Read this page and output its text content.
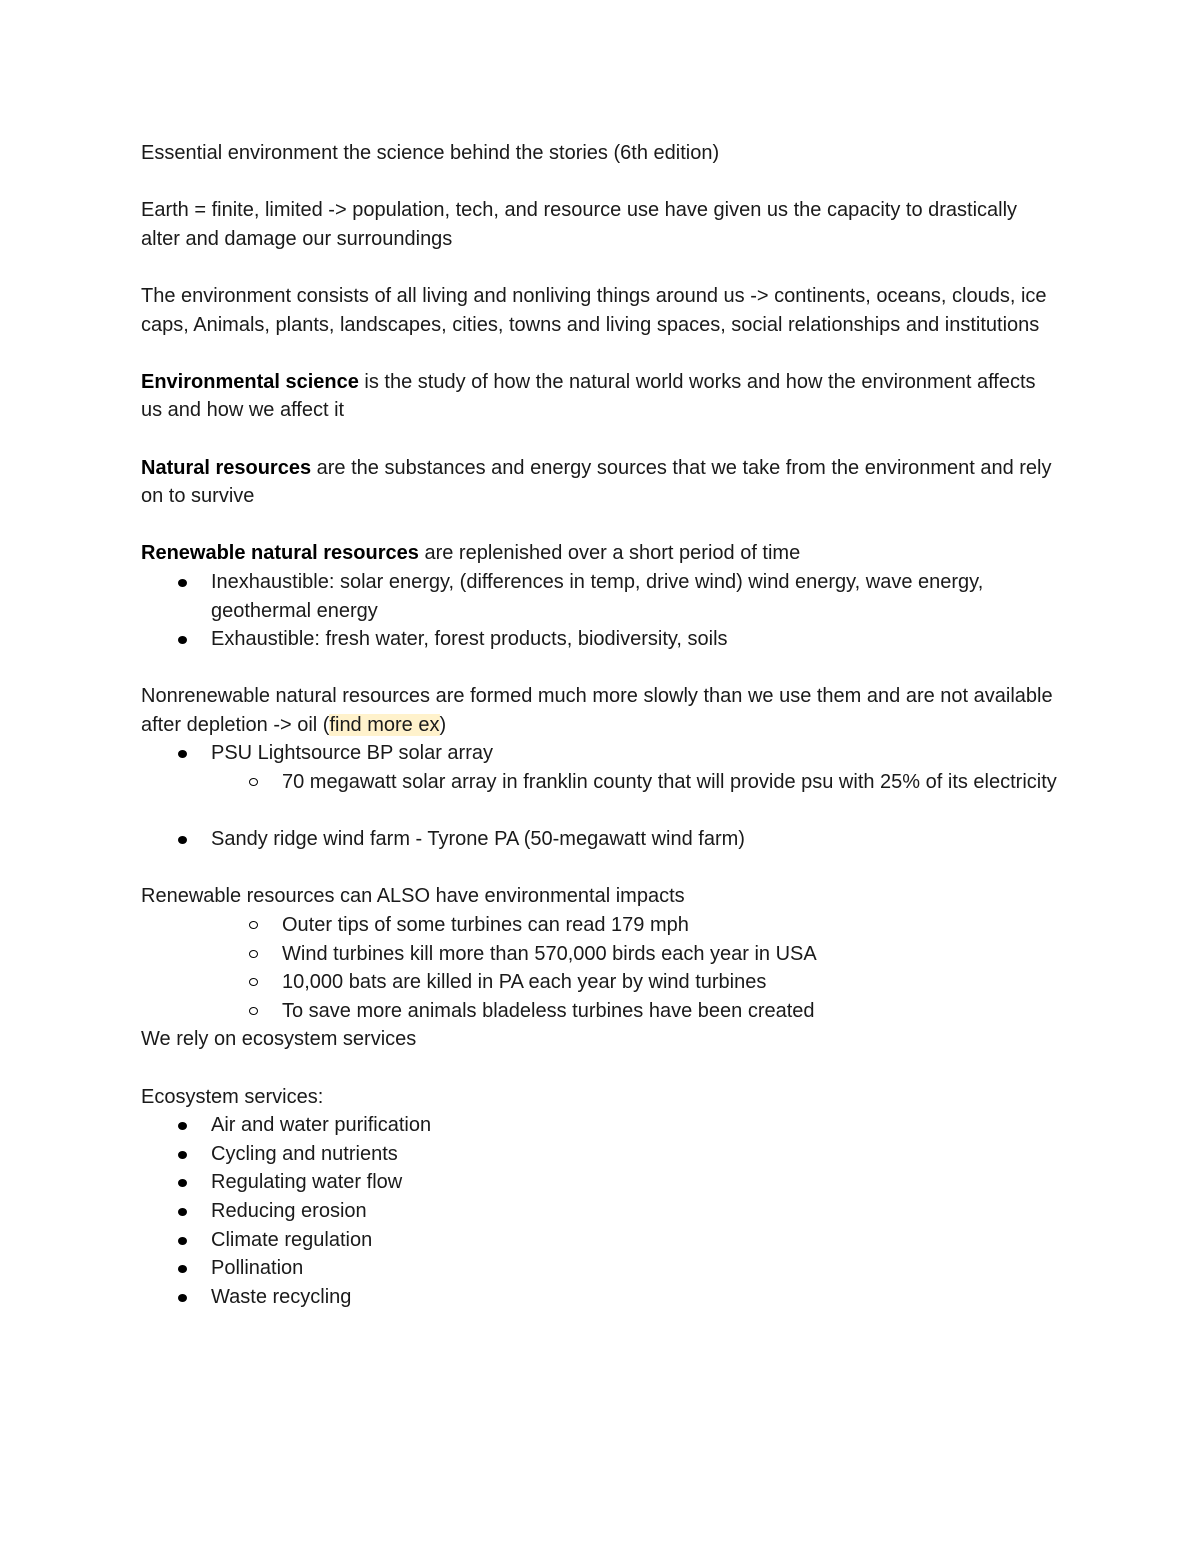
Essential environment the science behind the stories (6th edition)

Earth = finite, limited -> population, tech, and resource use have given us the capacity to drastically alter and damage our surroundings

The environment consists of all living and nonliving things around us -> continents, oceans, clouds, ice caps, Animals, plants, landscapes, cities, towns and living spaces, social relationships and institutions

Environmental science is the study of how the natural world works and how the environment affects us and how we affect it

Natural resources are the substances and energy sources that we take from the environment and rely on to survive

Renewable natural resources are replenished over a short period of time

Inexhaustible: solar energy, (differences in temp, drive wind) wind energy, wave energy, geothermal energy
Exhaustible: fresh water, forest products, biodiversity, soils

Nonrenewable natural resources are formed much more slowly than we use them and are not available after depletion -> oil (find more ex)

PSU Lightsource BP solar array
70 megawatt solar array in franklin county that will provide psu with 25% of its electricity
Sandy ridge wind farm - Tyrone PA (50-megawatt wind farm)

Renewable resources can ALSO have environmental impacts

Outer tips of some turbines can read 179 mph
Wind turbines kill more than 570,000 birds each year in USA
10,000 bats are killed in PA each year by wind turbines
To save more animals bladeless turbines have been created

We rely on ecosystem services

Ecosystem services:

Air and water purification
Cycling and nutrients
Regulating water flow
Reducing erosion
Climate regulation
Pollination
Waste recycling
